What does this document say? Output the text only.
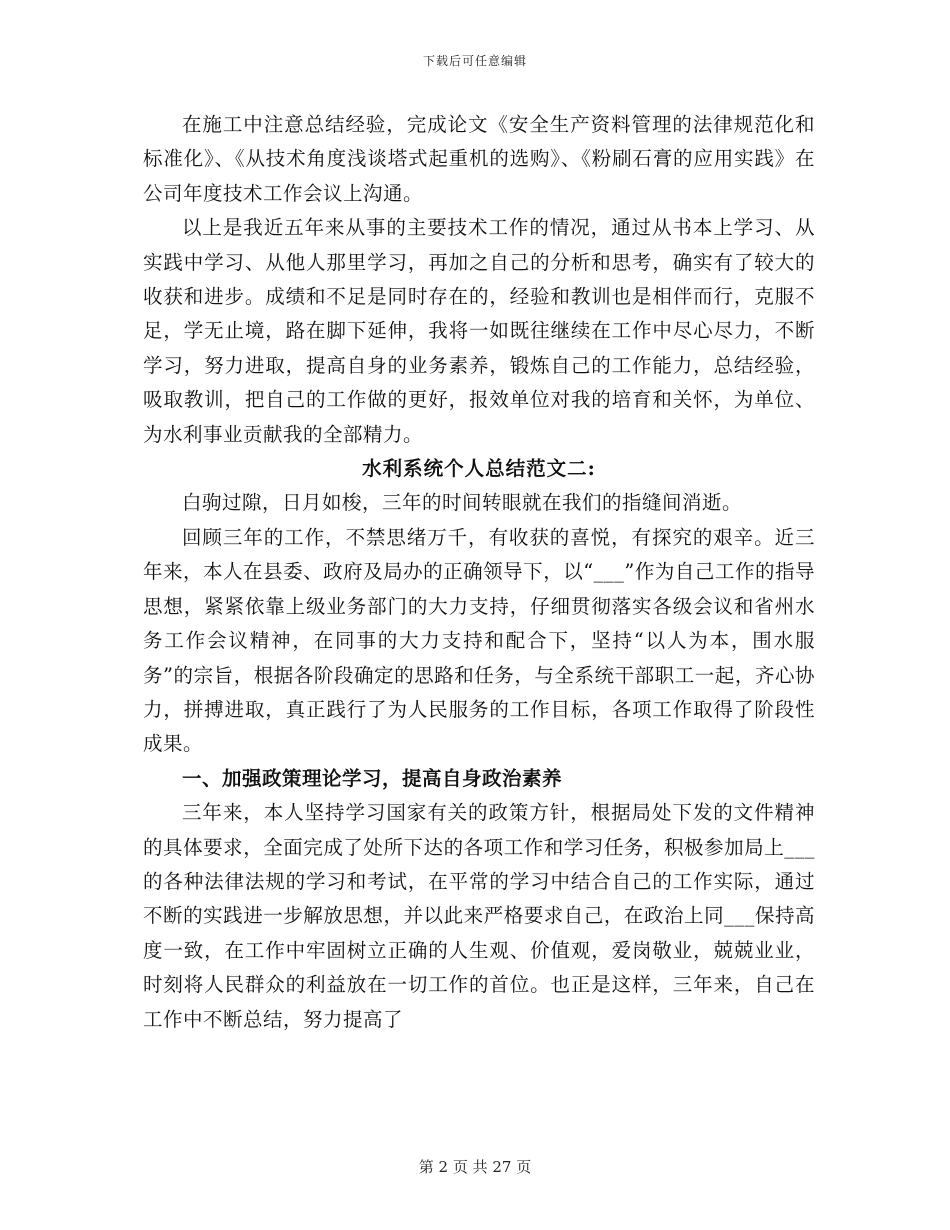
下载后可任意编辑

在施工中注意总结经验，完成论文《安全生产资料管理的法律规范化和标准化》、《从技术角度浅谈塔式起重机的选购》、《粉刷石膏的应用实践》在公司年度技术工作会议上沟通。

以上是我近五年来从事的主要技术工作的情况，通过从书本上学习、从实践中学习、从他人那里学习，再加之自己的分析和思考，确实有了较大的收获和进步。成绩和不足是同时存在的，经验和教训也是相伴而行，克服不足，学无止境，路在脚下延伸，我将一如既往继续在工作中尽心尽力，不断学习，努力进取，提高自身的业务素养，锻炼自己的工作能力，总结经验，吸取教训，把自己的工作做的更好，报效单位对我的培育和关怀，为单位、为水利事业贡献我的全部精力。

水利系统个人总结范文二:

白驹过隙，日月如梭，三年的时间转眼就在我们的指缝间消逝。

回顾三年的工作，不禁思绪万千，有收获的喜悦，有探究的艰辛。近三年来，本人在县委、政府及局办的正确领导下，以“___”作为自己工作的指导思想，紧紧依靠上级业务部门的大力支持，仔细贯彻落实各级会议和省州水务工作会议精神，在同事的大力支持和配合下，坚持“以人为本，围水服务”的宗旨，根据各阶段确定的思路和任务，与全系统干部职工一起，齐心协力，拼搏进取，真正践行了为人民服务的工作目标，各项工作取得了阶段性成果。

一、加强政策理论学习，提高自身政治素养

三年来，本人坚持学习国家有关的政策方针，根据局处下发的文件精神的具体要求，全面完成了处所下达的各项工作和学习任务，积极参加局上___的各种法律法规的学习和考试，在平常的学习中结合自己的工作实际，通过不断的实践进一步解放思想，并以此来严格要求自己，在政治上同___保持高度一致，在工作中牢固树立正确的人生观、价值观，爱岗敬业，兢兢业业，时刻将人民群众的利益放在一切工作的首位。也正是这样，三年来，自己在工作中不断总结，努力提高了

第 2 页 共 27 页
